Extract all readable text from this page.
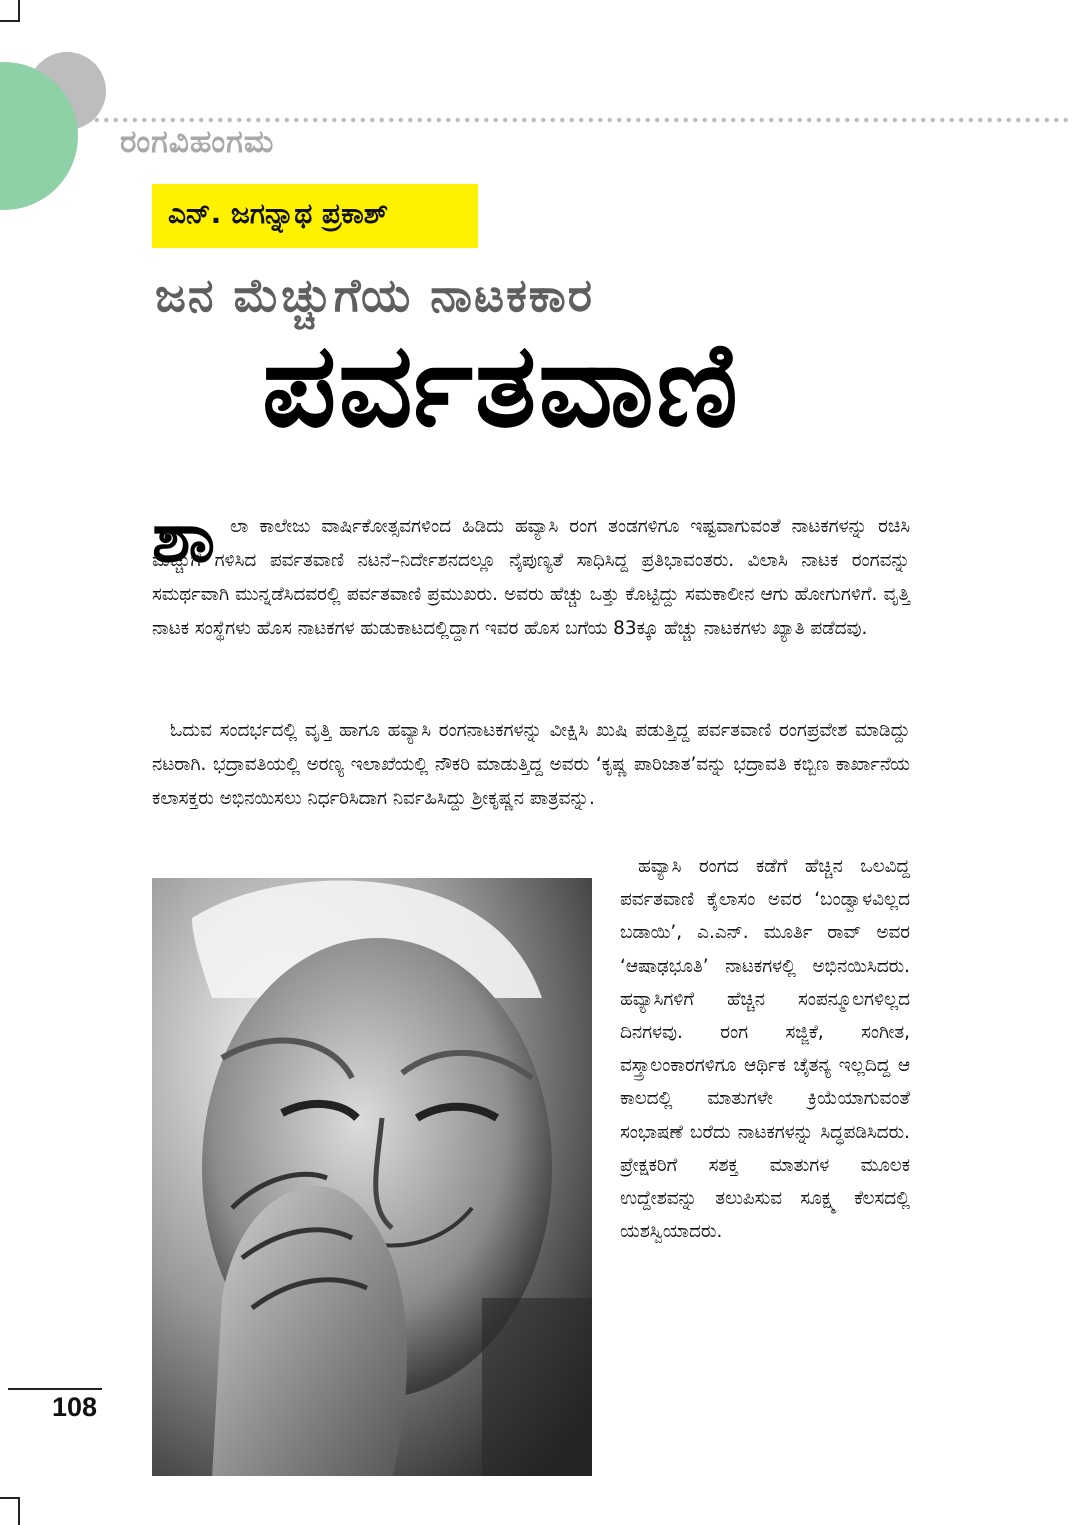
ರಂಗವಿಹಂಗಮ
ಎನ್. ಜಗನ್ನಾಥ ಪ್ರಕಾಶ್
ಜನ ಮೆಚ್ಚುಗೆಯ ನಾಟಕಕಾರ
ಪರ್ವತವಾಣಿ
ಶಾ ಲಾ ಕಾಲೇಜು ವಾರ್ಷಿಕೋತ್ಸವಗಳಿಂದ ಹಿಡಿದು ಹವ್ಯಾಸಿ ರಂಗ ತಂಡಗಳಿಗೂ ಇಷ್ಟವಾಗುವಂತೆ ನಾಟಕಗಳನ್ನು ರಚಿಸಿ ಮೆಚ್ಚುಗೆ ಗಳಿಸಿದ ಪರ್ವತವಾಣಿ ನಟನೆ–ನಿರ್ದೇಶನದಲ್ಲೂ ನೈಪುಣ್ಯತೆ ಸಾಧಿಸಿದ್ದ ಪ್ರತಿಭಾವಂತರು. ವಿಲಾಸಿ ನಾಟಕ ರಂಗವನ್ನು ಸಮರ್ಥವಾಗಿ ಮುನ್ನಡೆಸಿದವರಲ್ಲಿ ಪರ್ವತವಾಣಿ ಪ್ರಮುಖರು. ಅವರು ಹೆಚ್ಚು ಒತ್ತು ಕೊಟ್ಟಿದ್ದು ಸಮಕಾಲೀನ ಆಗು ಹೋಗುಗಳಿಗೆ. ವೃತ್ತಿ ನಾಟಕ ಸಂಸ್ಥೆಗಳು ಹೊಸ ನಾಟಕಗಳ ಹುಡುಕಾಟದಲ್ಲಿದ್ದಾಗ ಇವರ ಹೊಸ ಬಗೆಯ 83ಕ್ಕೂ ಹೆಚ್ಚು ನಾಟಕಗಳು ಖ್ಯಾತಿ ಪಡೆದವು.

ಓದುವ ಸಂದರ್ಭದಲ್ಲಿ ವೃತ್ತಿ ಹಾಗೂ ಹವ್ಯಾಸಿ ರಂಗನಾಟಕಗಳನ್ನು ವೀಕ್ಷಿಸಿ ಖುಷಿ ಪಡುತ್ತಿದ್ದ ಪರ್ವತವಾಣಿ ರಂಗಪ್ರವೇಶ ಮಾಡಿದ್ದು ನಟರಾಗಿ. ಭದ್ರಾವತಿಯಲ್ಲಿ ಅರಣ್ಯ ಇಲಾಖೆಯಲ್ಲಿ ನೌಕರಿ ಮಾಡುತ್ತಿದ್ದ ಅವರು ‘ಕೃಷ್ಣ ಪಾರಿಜಾತ’ವನ್ನು ಭದ್ರಾವತಿ ಕಬ್ಬಿಣ ಕಾರ್ಖಾನೆಯ ಕಲಾಸಕ್ತರು ಅಭಿನಯಿಸಲು ನಿರ್ಧರಿಸಿದಾಗ ನಿರ್ವಹಿಸಿದ್ದು ಶ್ರೀಕೃಷ್ಣನ ಪಾತ್ರವನ್ನು.

ಹವ್ಯಾಸಿ ರಂಗದ ಕಡೆಗೆ ಹೆಚ್ಚಿನ ಒಲವಿದ್ದ ಪರ್ವತವಾಣಿ ಕೈಲಾಸಂ ಅವರ ‘ಬಂಡ್ವಾಳವಿಲ್ಲದ ಬಡಾಯಿ’, ಎ.ಎನ್. ಮೂರ್ತಿ ರಾವ್ ಅವರ ‘ಆಷಾಢಭೂತಿ’ ನಾಟಕಗಳಲ್ಲಿ ಅಭಿನಯಿಸಿದರು. ಹವ್ಯಾಸಿಗಳಿಗೆ ಹೆಚ್ಚಿನ ಸಂಪನ್ಮೂಲಗಳಿಲ್ಲದ ದಿನಗಳವು. ರಂಗ ಸಜ್ಜಿಕೆ, ಸಂಗೀತ, ವಸ್ತ್ರಾಲಂಕಾರಗಳಿಗೂ ಆರ್ಥಿಕ ಚೈತನ್ಯ ಇಲ್ಲದಿದ್ದ ಆ ಕಾಲದಲ್ಲಿ ಮಾತುಗಳೇ ಕ್ರಿಯೆಯಾಗುವಂತೆ ಸಂಭಾಷಣೆ ಬರೆದು ನಾಟಕಗಳನ್ನು ಸಿದ್ಧಪಡಿಸಿದರು. ಪ್ರೇಕ್ಷಕರಿಗೆ ಸಶಕ್ತ ಮಾತುಗಳ ಮೂಲಕ ಉದ್ದೇಶವನ್ನು ತಲುಪಿಸುವ ಸೂಕ್ಷ್ಮ ಕೆಲಸದಲ್ಲಿ ಯಶಸ್ವಿಯಾದರು.

108
